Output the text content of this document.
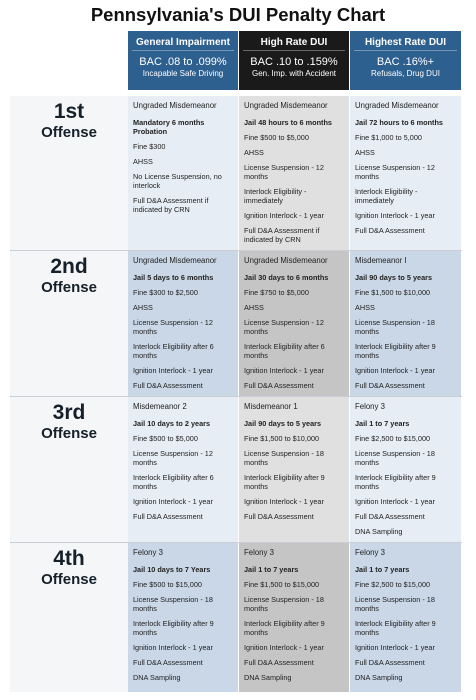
Pennsylvania's DUI Penalty Chart
General Impairment
BAC .08 to .099%
Incapable Safe Driving
High Rate DUI
BAC .10 to .159%
Gen. Imp. with Accident
Highest Rate DUI
BAC .16%+
Refusals, Drug DUI
1st
Offense
Ungraded Misdemeanor
Mandatory 6 months Probation
Fine $300
AHSS
No License Suspension, no interlock
Full D&A Assessment if indicated by CRN
Ungraded Misdemeanor
Jail 48 hours to 6 months
Fine $500 to $5,000
AHSS
License Suspension - 12 months
Interlock Eligibility - immediately
Ignition Interlock - 1 year
Full D&A Assessment if indicated by CRN
Ungraded Misdemeanor
Jail 72 hours to 6 months
Fine $1,000 to 5,000
AHSS
License Suspension - 12 months
Interlock Eligibility - immediately
Ignition Interlock - 1 year
Full D&A Assessment
2nd
Offense
Ungraded Misdemeanor
Jail 5 days to 6 months
Fine $300 to $2,500
AHSS
License Suspension - 12 months
Interlock Eligibility after 6 months
Ignition Interlock - 1 year
Full D&A Assessment
Ungraded Misdemeanor
Jail 30 days to 6 months
Fine $750 to $5,000
AHSS
License Suspension - 12 months
Interlock Eligibility after 6 months
Ignition Interlock - 1 year
Full D&A Assessment
Misdemeanor I
Jail 90 days to 5 years
Fine $1,500 to $10,000
AHSS
License Suspension - 18 months
Interlock Eligibility after 9 months
Ignition Interlock - 1 year
Full D&A Assessment
3rd
Offense
Misdemeanor 2
Jail 10 days to 2 years
Fine $500 to $5,000
License Suspension - 12 months
Interlock Eligibility after 6 months
Ignition Interlock - 1 year
Full D&A Assessment
Misdemeanor 1
Jail 90 days to 5 years
Fine $1,500 to $10,000
License Suspension - 18 months
Interlock Eligibility after 9 months
Ignition Interlock - 1 year
Full D&A Assessment
Felony 3
Jail 1 to 7 years
Fine $2,500 to $15,000
License Suspension - 18 months
Interlock Eligibility after 9 months
Ignition Interlock - 1 year
Full D&A Assessment
DNA Sampling
4th
Offense
Felony 3
Jail 10 days to 7 Years
Fine $500 to $15,000
License Suspension - 18 months
Interlock Eligibility after 9 months
Ignition Interlock - 1 year
Full D&A Assessment
DNA Sampling
Felony 3
Jail 1 to 7 years
Fine $1,500 to $15,000
License Suspension - 18 months
Interlock Eligibility after 9 months
Ignition Interlock - 1 year
Full D&A Assessment
DNA Sampling
Felony 3
Jail 1 to 7 years
Fine $2,500 to $15,000
License Suspension - 18 months
Interlock Eligibility after 9 months
Ignition Interlock - 1 year
Full D&A Assessment
DNA Sampling
